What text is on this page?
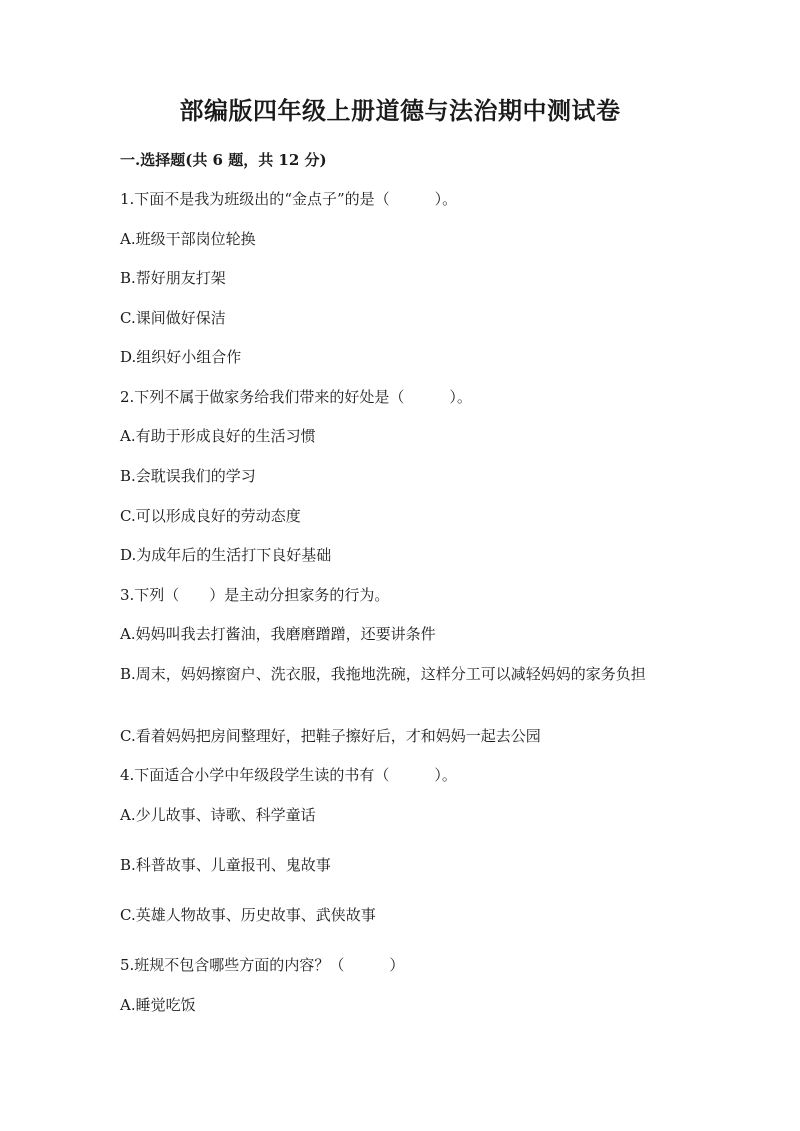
部编版四年级上册道德与法治期中测试卷
一.选择题(共 6 题，共 12 分)
1.下面不是我为班级出的“金点子”的是（　　　）。
A.班级干部岗位轮换
B.帮好朋友打架
C.课间做好保洁
D.组织好小组合作
2.下列不属于做家务给我们带来的好处是（　　　）。
A.有助于形成良好的生活习惯
B.会耽误我们的学习
C.可以形成良好的劳动态度
D.为成年后的生活打下良好基础
3.下列（　　）是主动分担家务的行为。
A.妈妈叫我去打酱油，我磨磨蹭蹭，还要讲条件
B.周末，妈妈擦窗户、洗衣服，我拖地洗碗，这样分工可以减轻妈妈的家务负担
C.看着妈妈把房间整理好，把鞋子擦好后，才和妈妈一起去公园
4.下面适合小学中年级段学生读的书有（　　　）。
A.少儿故事、诗歌、科学童话
B.科普故事、儿童报刊、鬼故事
C.英雄人物故事、历史故事、武侠故事
5.班规不包含哪些方面的内容？（　　　）
A.睡觉吃饭
